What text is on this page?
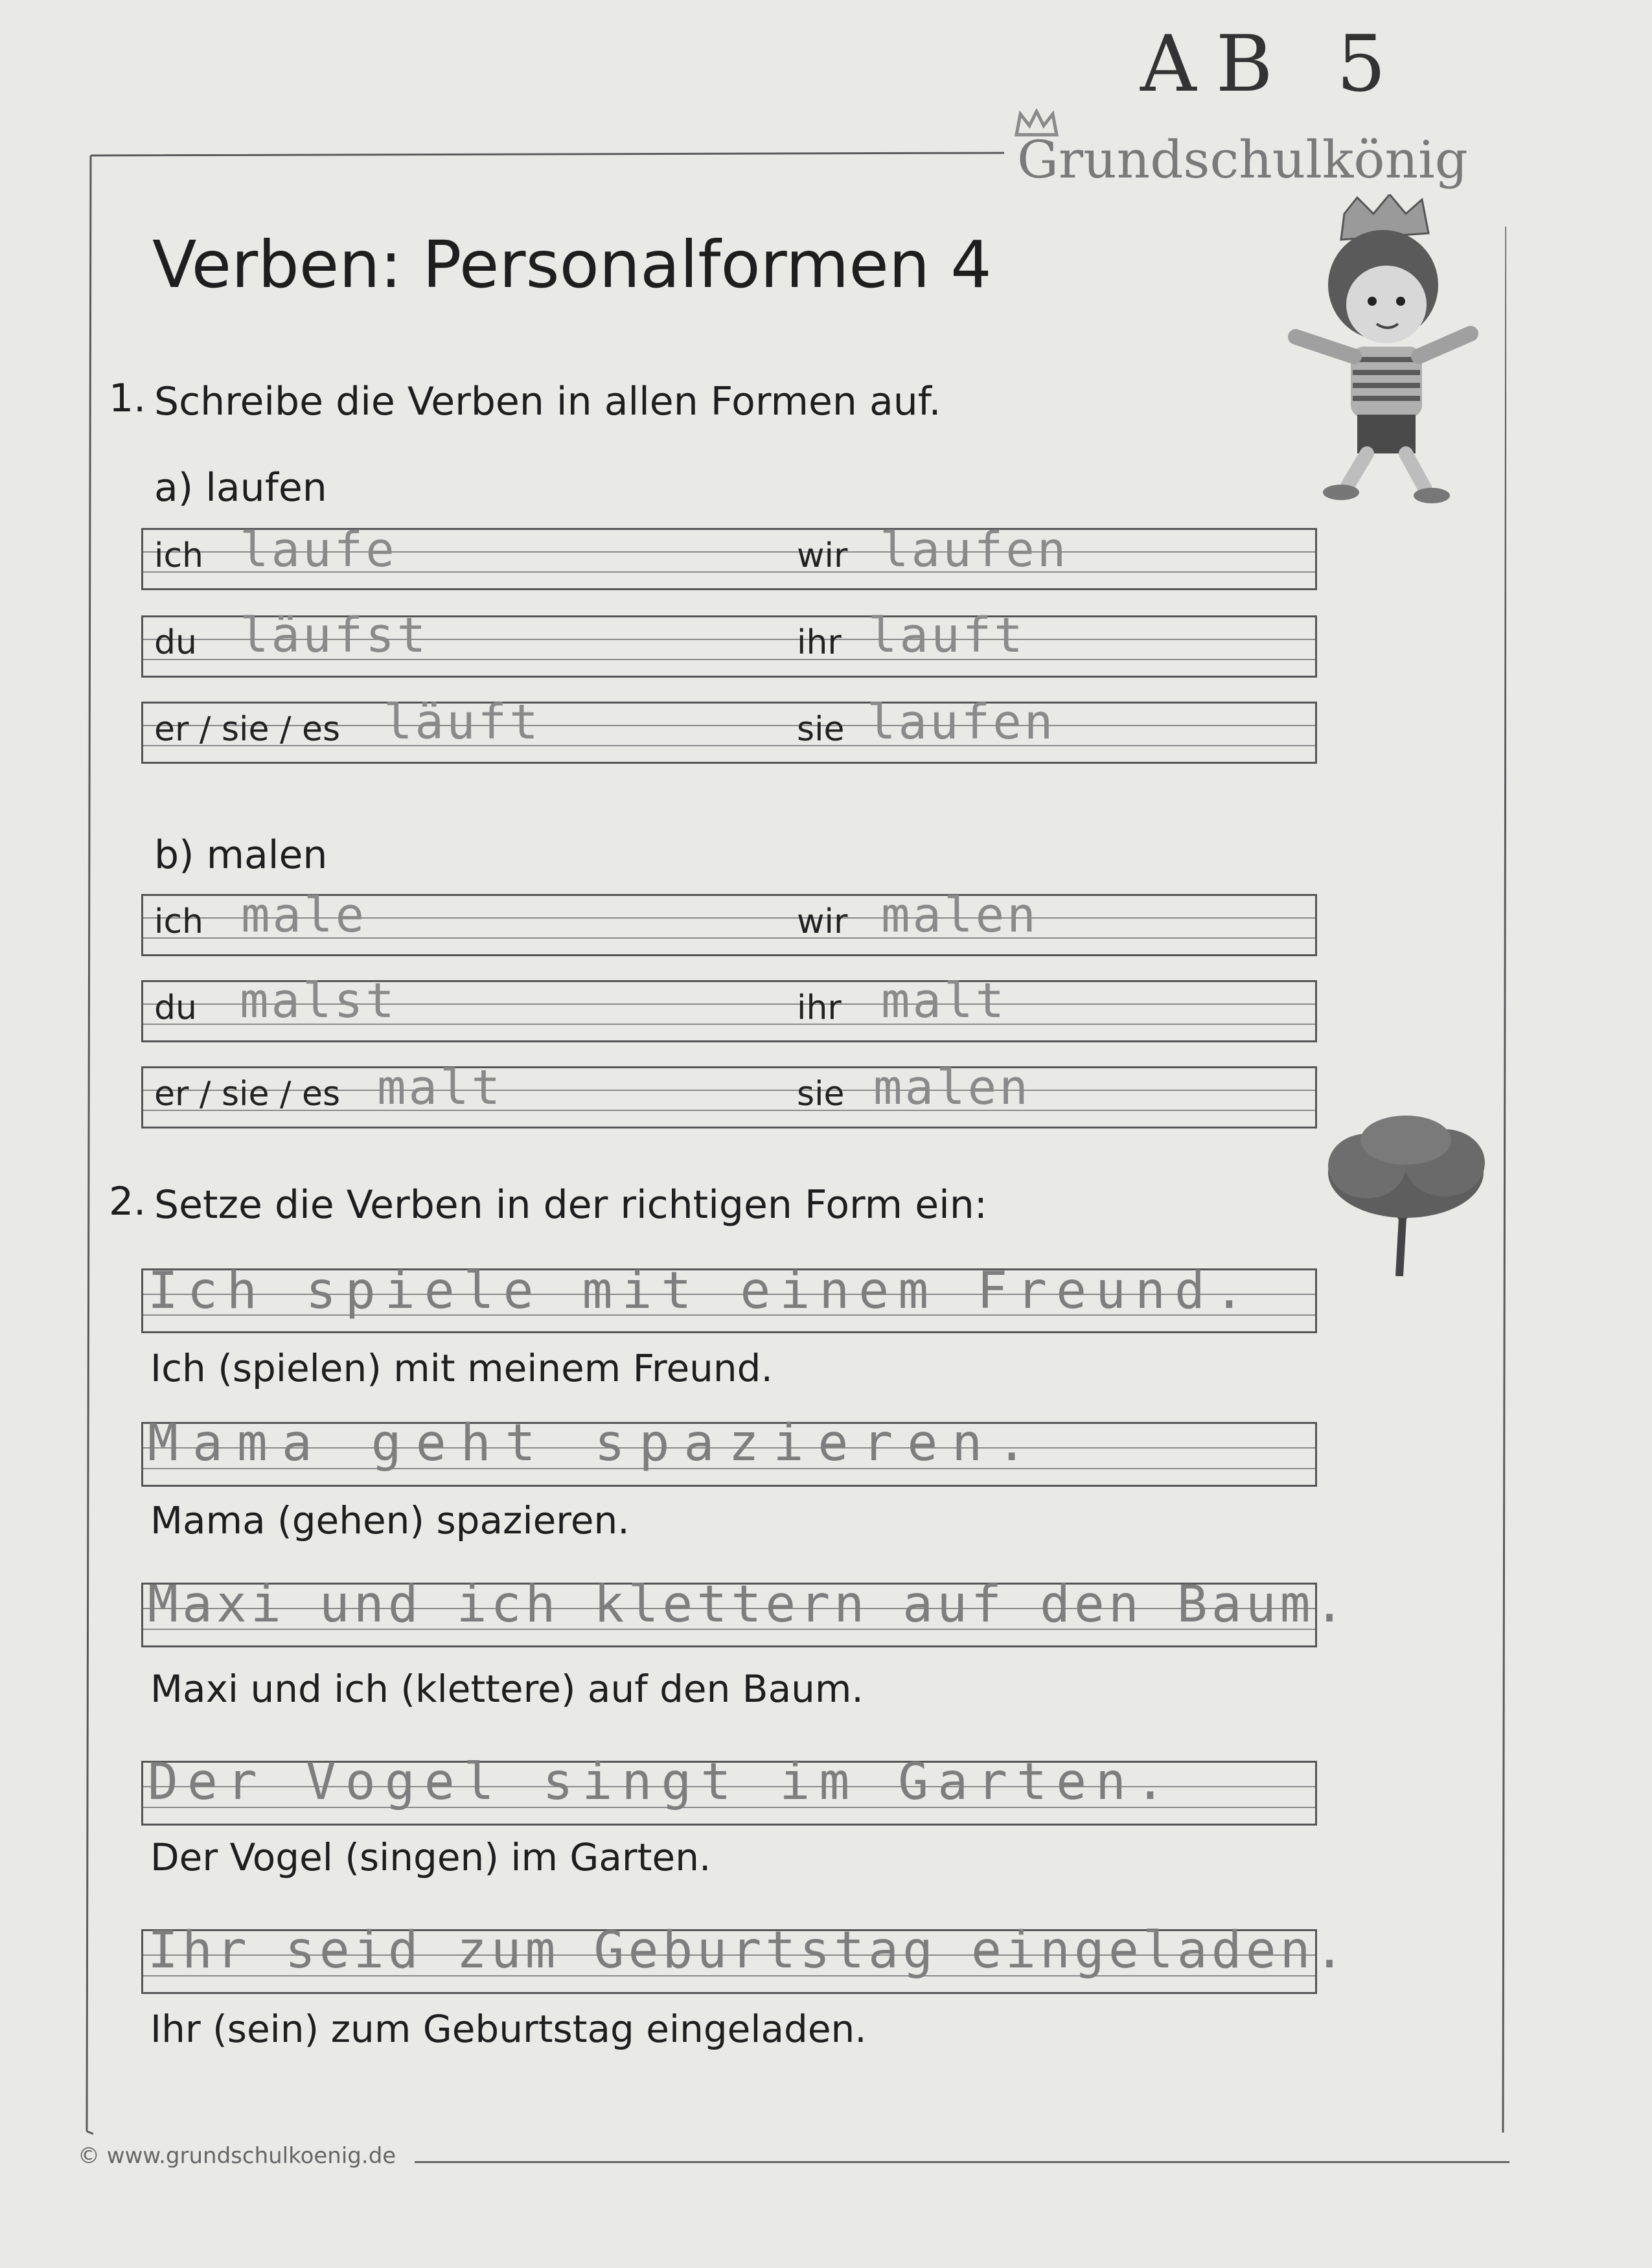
AB 5
Grundschulkönig
Verben: Personalformen 4
1. Schreibe die Verben in allen Formen auf.
a) laufen
ich laufe	wir laufen
du läufst	ihr lauft
er / sie / es läuft	sie laufen
b) malen
ich male	wir malen
du malst	ihr malt
er / sie / es malt	sie malen
2. Setze die Verben in der richtigen Form ein:
Ich spiele mit einem Freund.
Ich (spielen) mit meinem Freund.
Mama geht spazieren.
Mama (gehen) spazieren.
Maxi und ich klettern auf den Baum.
Maxi und ich (klettere) auf den Baum.
Der Vogel singt im Garten.
Der Vogel (singen) im Garten.
Ihr seid zum Geburtstag eingeladen.
Ihr (sein) zum Geburtstag eingeladen.
© www.grundschulkoenig.de
